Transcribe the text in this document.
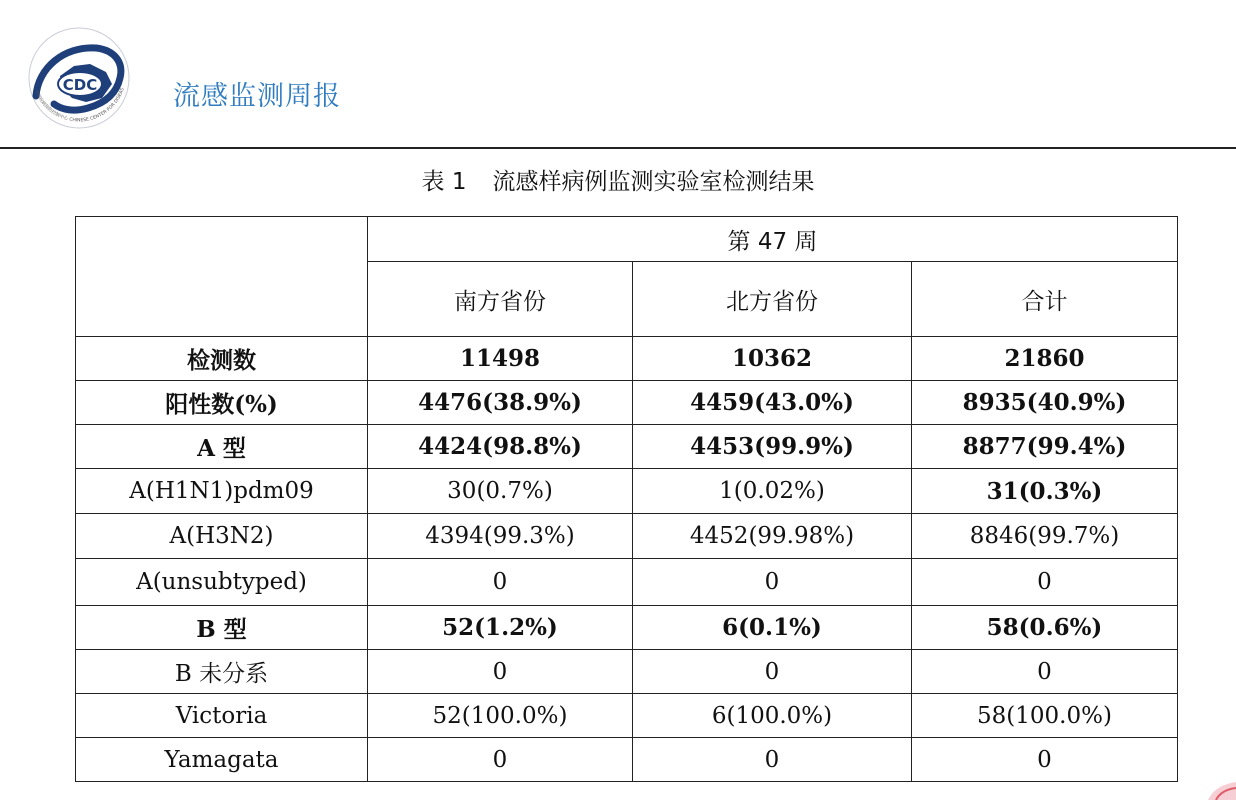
CDC
中国疾病预防控制中心 CHINESE CENTER FOR DISEAS 流感监测周报
表 1 流感样病例监测实验室检测结果
	第 47 周		
	南方省份	北方省份	合计
检测数	11498	10362	21860
阳性数(%)	4476(38.9%)	4459(43.0%)	8935(40.9%)
A 型	4424(98.8%)	4453(99.9%)	8877(99.4%)
A(H1N1)pdm09	30(0.7%)	1(0.02%)	31(0.3%)
A(H3N2)	4394(99.3%)	4452(99.98%)	8846(99.7%)
A(unsubtyped)	0	0	0
B 型	52(1.2%)	6(0.1%)	58(0.6%)
B 未分系	0	0	0
Victoria	52(100.0%)	6(100.0%)	58(100.0%)
Yamagata	0	0	0
